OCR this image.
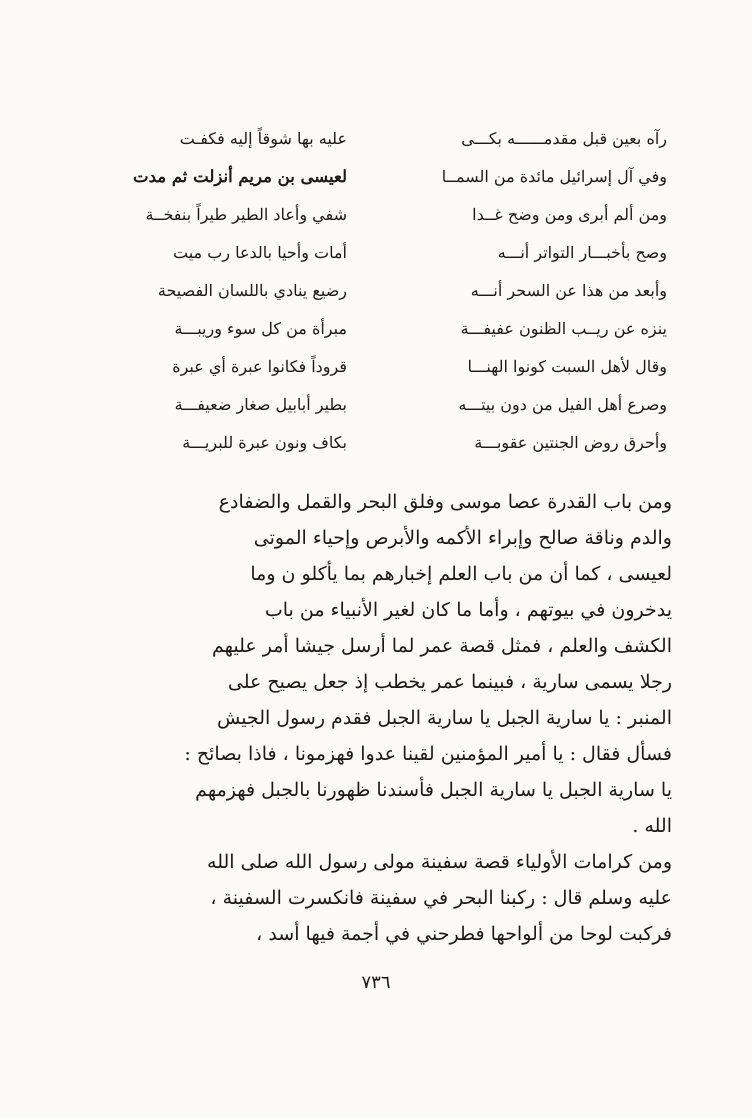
رآه بعين قبل مقدمــــــه بكـــى
عليه بها شوقاً إليه فكفـت
وفي آل إسرائيل مائدة من السمــا
لعيسى بن مريم أنزلت ثم مدت
ومن ألم أبرى ومن وضح غــدا
شفي وأعاد الطير طيراً بنفخــة
وصح بأخبـــار التواتر أنـــه
أمات وأحيا بالدعا رب ميت
وأبعد من هذا عن السحر أنـــه
رضيع ينادي باللسان الفصيحة
ينزه عن ريــب الظنون عفيفـــة
مبرأة من كل سوء وريبـــة
وقال لأهل السبت كونوا الهنـــا
قروداً فكانوا عبرة أي عبرة
وصرع أهل الفيل من دون بيتـــه
بطير أبابيل صغار ضعيفـــة
وأحرق روض الجنتين عقوبـــة
بكاف ونون عبرة للبريـــة
ومن باب القدرة عصا موسى وفلق البحر والقمل والضفادع
والدم وناقة صالح وإبراء الأكمه والأبرص وإحياء الموتى
لعيسى ، كما أن من باب العلم إخبارهم بما يأكلو ن وما
يدخرون في بيوتهم ، وأما ما كان لغير الأنبياء من باب
الكشف والعلم ، فمثل قصة عمر لما أرسل جيشا أمر عليهم
رجلا يسمى سارية ، فبينما عمر يخطب إذ جعل يصيح على
المنبر : يا سارية الجبل يا سارية الجبل فقدم رسول الجيش
فسأل فقال : يا أمير المؤمنين لقينا عدوا فهزمونا ، فاذا بصائح :
يا سارية الجبل يا سارية الجبل فأسندنا ظهورنا بالجبل فهزمهم
الله .
ومن كرامات الأولياء قصة سفينة مولى رسول الله صلى الله
عليه وسلم قال : ركبنا البحر في سفينة فانكسرت السفينة ،
فركبت لوحا من ألواحها فطرحني في أجمة فيها أسد ،
٧٣٦
